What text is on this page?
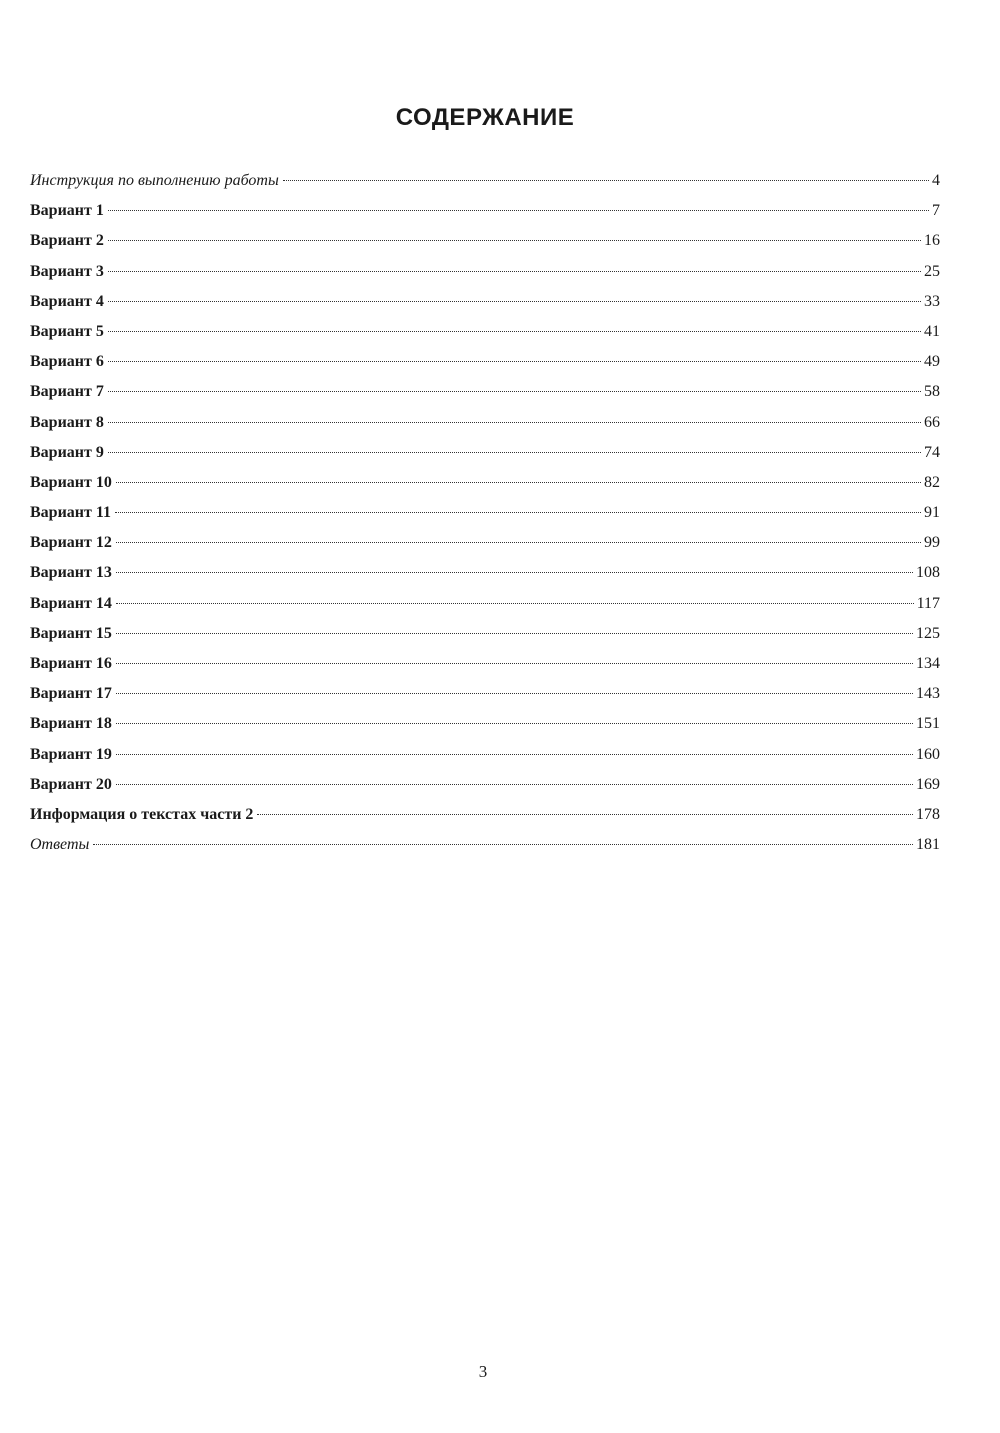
СОДЕРЖАНИЕ
Инструкция по выполнению работы	4
Вариант 1	7
Вариант 2	16
Вариант 3	25
Вариант 4	33
Вариант 5	41
Вариант 6	49
Вариант 7	58
Вариант 8	66
Вариант 9	74
Вариант 10	82
Вариант 11	91
Вариант 12	99
Вариант 13	108
Вариант 14	117
Вариант 15	125
Вариант 16	134
Вариант 17	143
Вариант 18	151
Вариант 19	160
Вариант 20	169
Информация о текстах части 2	178
Ответы	181
3
